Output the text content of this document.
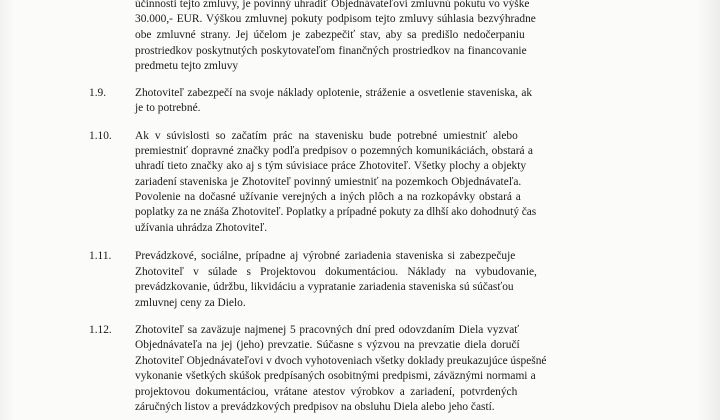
účinnosti tejto zmluvy, je povinný uhradiť Objednávateľovi zmluvnú pokutu vo výške
30.000,- EUR. Výškou zmluvnej pokuty podpisom tejto zmluvy súhlasia bezvýhradne
obe zmluvné strany. Jej účelom je zabezpečiť stav, aby sa predišlo nedočerpaniu
prostriedkov poskytnutých poskytovateľom finančných prostriedkov na financovanie
predmetu tejto zmluvy
1.9.	Zhotoviteľ zabezpečí na svoje náklady oplotenie, stráženie a osvetlenie staveniska, ak
je to potrebné.
1.10. Ak v súvislosti so začatím prác na stavenisku bude potrebné umiestniť alebo
premiestniť dopravné značky podľa predpisov o pozemných komunikáciách, obstará a
uhradí tieto značky ako aj s tým súvisiace práce Zhotoviteľ. Všetky plochy a objekty
zariadení staveniska je Zhotoviteľ povinný umiestniť na pozemkoch Objednávateľa.
Povolenie na dočasné užívanie verejných a iných plôch a na rozkopávky obstará a
poplatky za ne znáša Zhotoviteľ. Poplatky a prípadné pokuty za dlhší ako dohodnutý čas
užívania uhrádza Zhotoviteľ.
1.11. Prevádzkové, sociálne, prípadne aj výrobné zariadenia staveniska si zabezpečuje
Zhotoviteľ v súlade s Projektovou dokumentáciou. Náklady na vybudovanie,
prevádzkovanie, údržbu, likvidáciu a vypratanie zariadenia staveniska sú súčasťou
zmluvnej ceny za Dielo.
1.12. Zhotoviteľ sa zaväzuje najmenej 5 pracovných dní pred odovzdaním Diela vyzvať
Objednávateľa na jej (jeho) prevzatie. Súčasne s výzvou na prevzatie diela doručí
Zhotoviteľ Objednávateľovi v dvoch vyhotoveniach všetky doklady preukazujúce úspešné
vykonanie všetkých skúšok predpísaných osobitnými predpismi, záväznými normami a
projektovou dokumentáciou, vrátane atestov výrobkov a zariadení, potvrdených
záručných listov a prevádzkových predpisov na obsluhu Diela alebo jeho častí.
